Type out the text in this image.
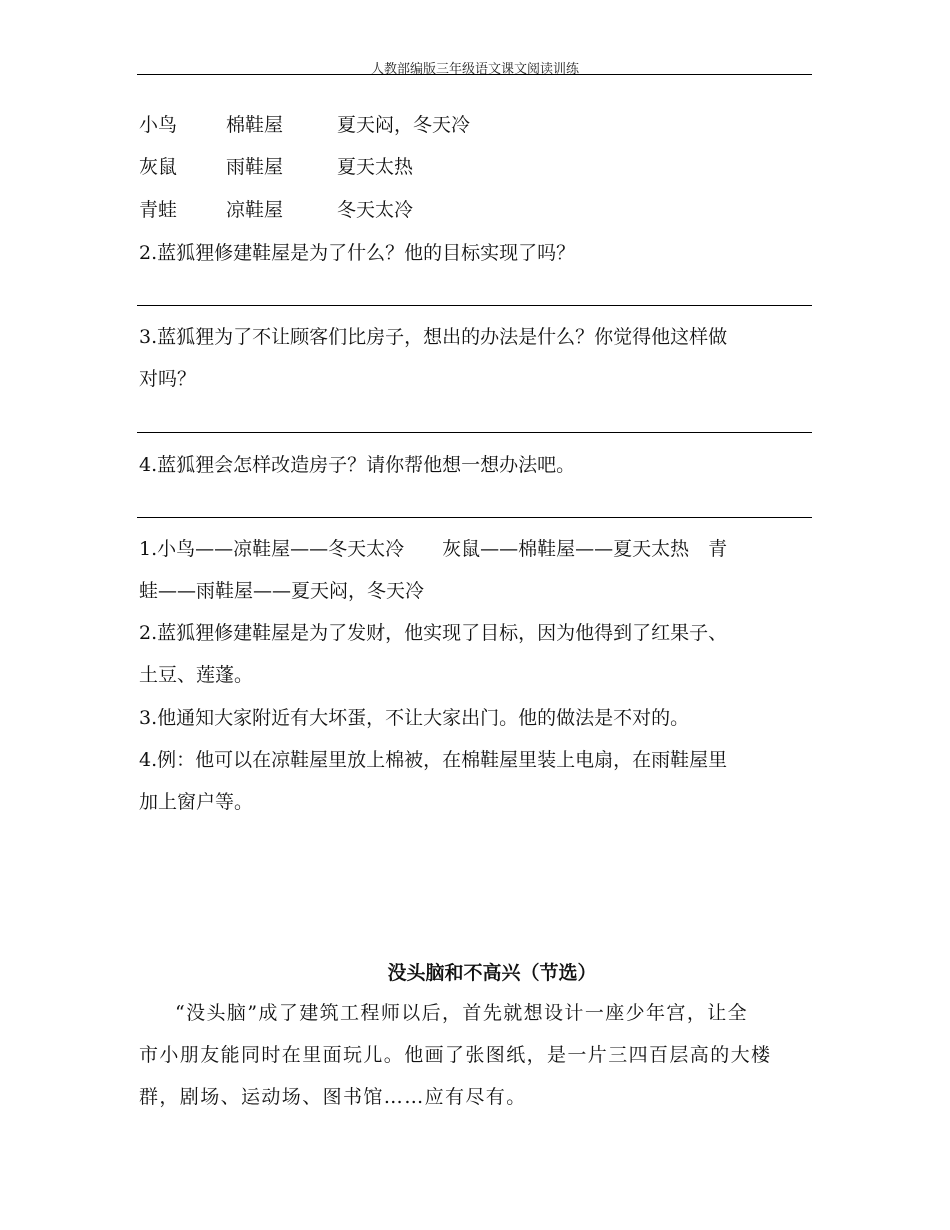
人教部编版三年级语文课文阅读训练
小鸟	棉鞋屋	夏天闷，冬天冷
灰鼠	雨鞋屋	夏天太热
青蛙	凉鞋屋	冬天太冷
2.蓝狐狸修建鞋屋是为了什么？他的目标实现了吗？
3.蓝狐狸为了不让顾客们比房子，想出的办法是什么？你觉得他这样做
对吗？
4.蓝狐狸会怎样改造房子？请你帮他想一想办法吧。
1.小鸟——凉鞋屋——冬天太冷　　灰鼠——棉鞋屋——夏天太热　青
蛙——雨鞋屋——夏天闷，冬天冷
2.蓝狐狸修建鞋屋是为了发财，他实现了目标，因为他得到了红果子、
土豆、莲蓬。
3.他通知大家附近有大坏蛋，不让大家出门。他的做法是不对的。
4.例：他可以在凉鞋屋里放上棉被，在棉鞋屋里装上电扇，在雨鞋屋里
加上窗户等。
没头脑和不高兴（节选）
“没头脑”成了建筑工程师以后，首先就想设计一座少年宫，让全
市小朋友能同时在里面玩儿。他画了张图纸，是一片三四百层高的大楼
群，剧场、运动场、图书馆……应有尽有。
